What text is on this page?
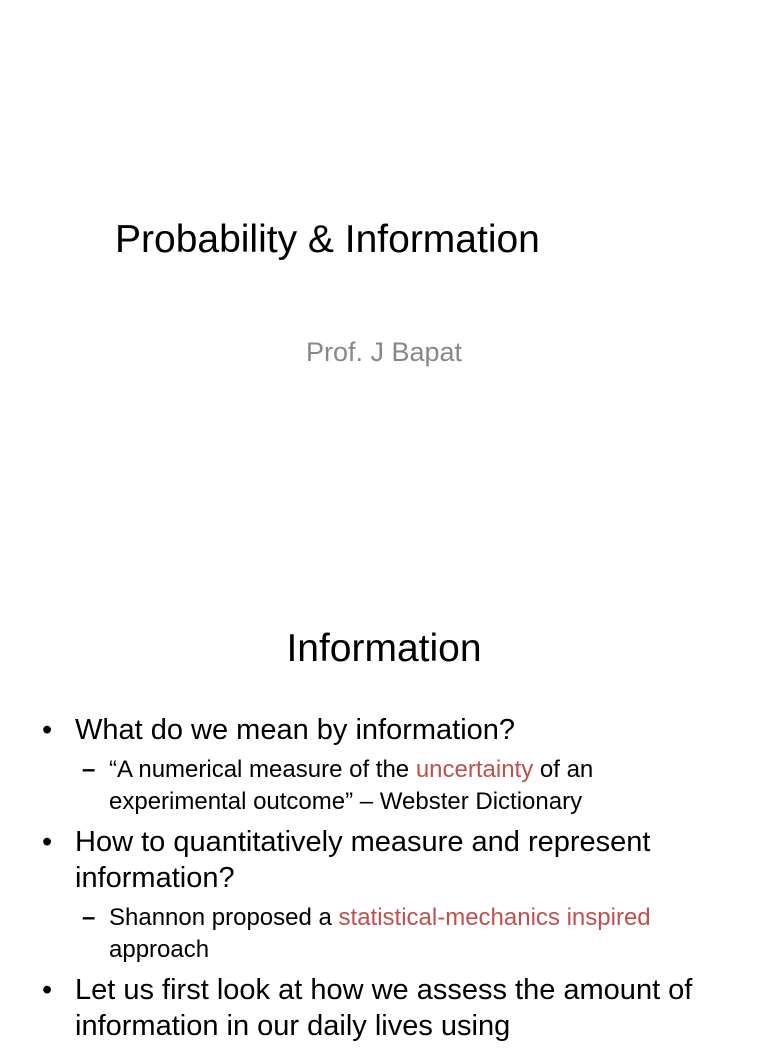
Probability & Information
Prof. J Bapat
Information
• What do we mean by information?
– “A numerical measure of the uncertainty of an experimental outcome” – Webster Dictionary
• How to quantitatively measure and represent information?
– Shannon proposed a statistical-mechanics inspired approach
• Let us first look at how we assess the amount of information in our daily lives using
